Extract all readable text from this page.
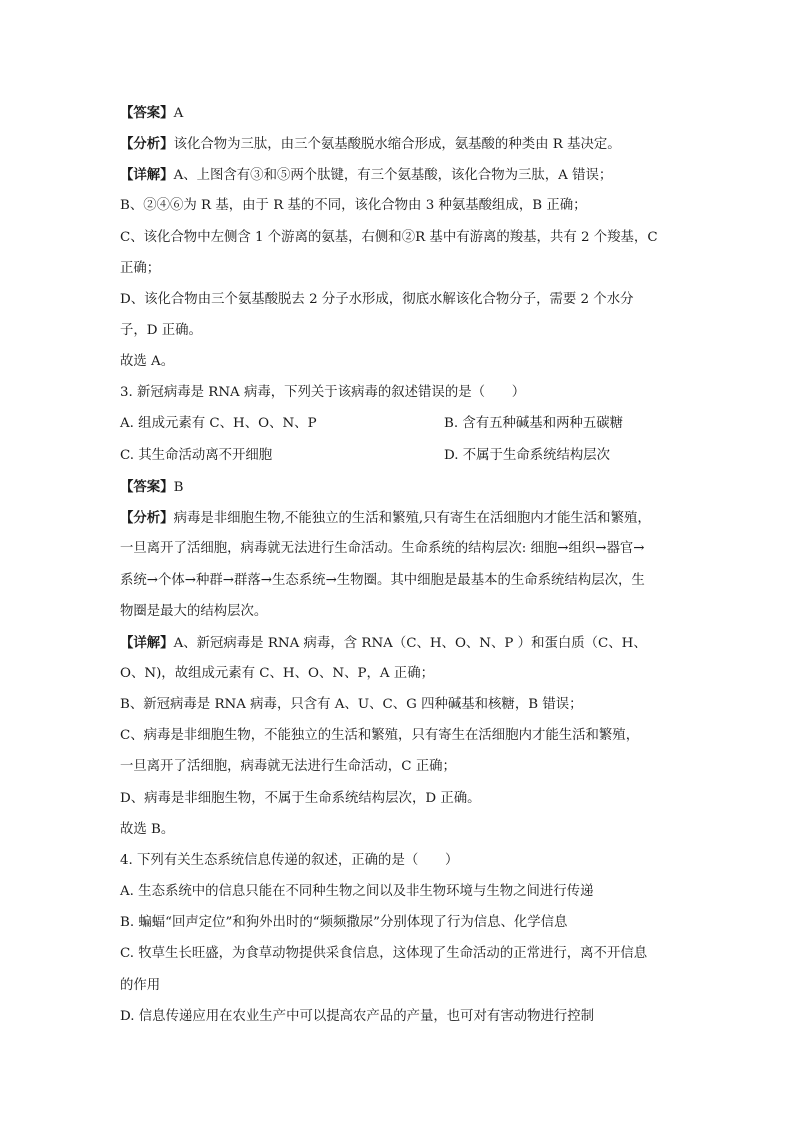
【答案】A
【分析】该化合物为三肽，由三个氨基酸脱水缩合形成，氨基酸的种类由 R 基决定。
【详解】A、上图含有③和⑤两个肽键，有三个氨基酸，该化合物为三肽，A 错误；
B、②④⑥为 R 基，由于 R 基的不同，该化合物由 3 种氨基酸组成，B 正确；
C、该化合物中左侧含 1 个游离的氨基，右侧和②R 基中有游离的羧基，共有 2 个羧基，C
正确；
D、该化合物由三个氨基酸脱去 2 分子水形成，彻底水解该化合物分子，需要 2 个水分
子，D 正确。
故选 A。
3. 新冠病毒是 RNA 病毒，下列关于该病毒的叙述错误的是（　　）
A. 组成元素有 C、H、O、N、P	B. 含有五种碱基和两种五碳糖
C. 其生命活动离不开细胞	D. 不属于生命系统结构层次
【答案】B
【分析】病毒是非细胞生物,不能独立的生活和繁殖,只有寄生在活细胞内才能生活和繁殖，
一旦离开了活细胞，病毒就无法进行生命活动。生命系统的结构层次: 细胞→组织→器官→
系统→个体→种群→群落→生态系统→生物圈。其中细胞是最基本的生命系统结构层次，生
物圈是最大的结构层次。
【详解】A、新冠病毒是 RNA 病毒，含 RNA（C、H、O、N、P ）和蛋白质（C、H、
O、N)，故组成元素有 C、H、O、N、P，A 正确；
B、新冠病毒是 RNA 病毒，只含有 A、U、C、G 四种碱基和核糖，B 错误；
C、病毒是非细胞生物，不能独立的生活和繁殖，只有寄生在活细胞内才能生活和繁殖，
一旦离开了活细胞，病毒就无法进行生命活动，C 正确；
D、病毒是非细胞生物，不属于生命系统结构层次，D 正确。
故选 B。
4. 下列有关生态系统信息传递的叙述，正确的是（　　）
A. 生态系统中的信息只能在不同种生物之间以及非生物环境与生物之间进行传递
B. 蝙蝠“回声定位”和狗外出时的“频频撒尿”分别体现了行为信息、化学信息
C. 牧草生长旺盛，为食草动物提供采食信息，这体现了生命活动的正常进行，离不开信息
的作用
D. 信息传递应用在农业生产中可以提高农产品的产量，也可对有害动物进行控制
